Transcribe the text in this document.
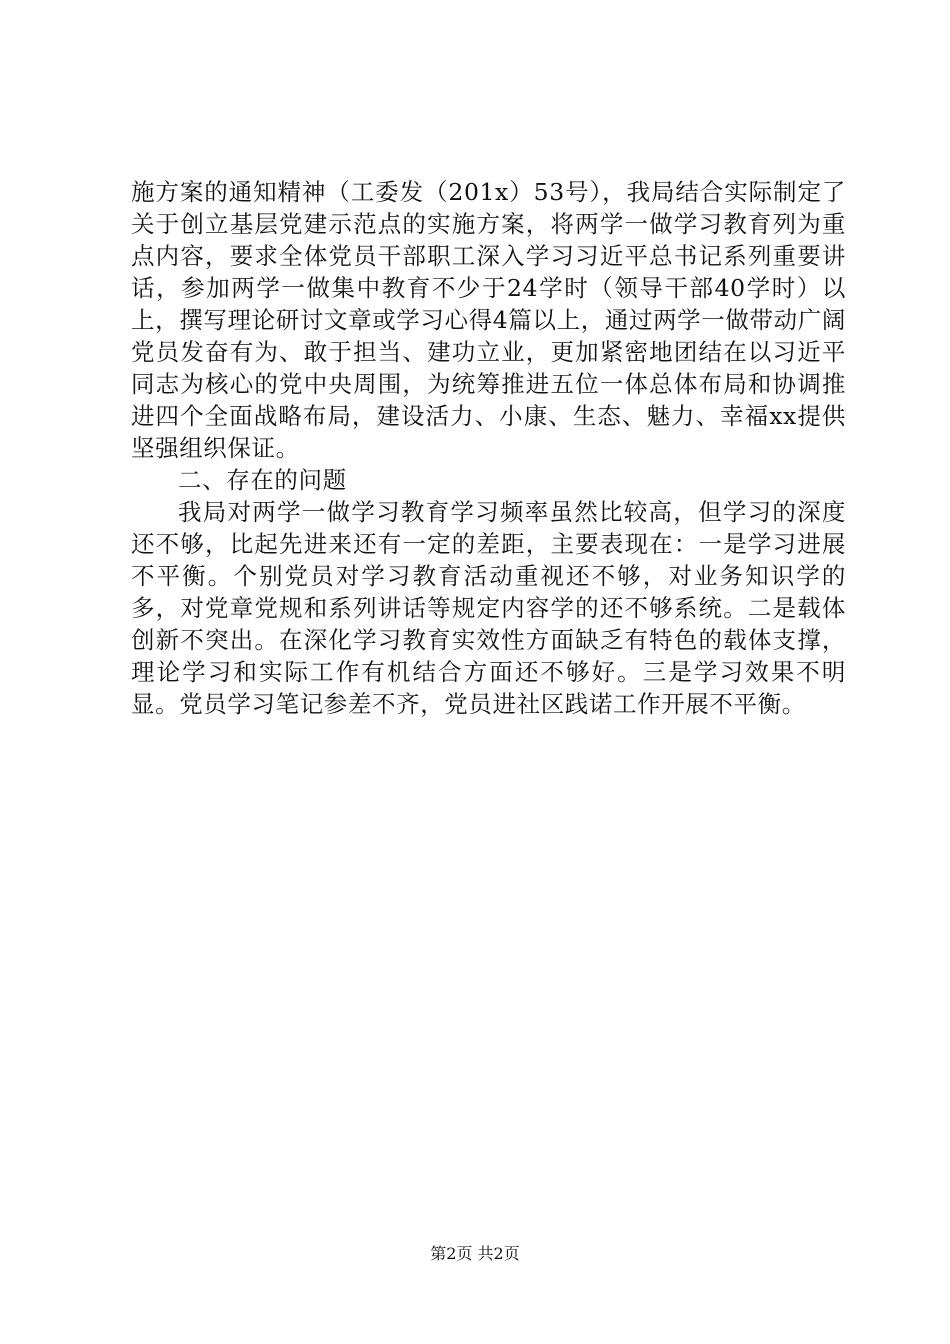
施方案的通知精神（工委发（201x）53号），我局结合实际制定了关于创立基层党建示范点的实施方案，将两学一做学习教育列为重点内容，要求全体党员干部职工深入学习习近平总书记系列重要讲话，参加两学一做集中教育不少于24学时（领导干部40学时）以上，撰写理论研讨文章或学习心得4篇以上，通过两学一做带动广阔党员发奋有为、敢于担当、建功立业，更加紧密地团结在以习近平同志为核心的党中央周围，为统筹推进五位一体总体布局和协调推进四个全面战略布局，建设活力、小康、生态、魅力、幸福xx提供坚强组织保证。

二、存在的问题

我局对两学一做学习教育学习频率虽然比较高，但学习的深度还不够，比起先进来还有一定的差距，主要表现在：一是学习进展不平衡。个别党员对学习教育活动重视还不够，对业务知识学的多，对党章党规和系列讲话等规定内容学的还不够系统。二是载体创新不突出。在深化学习教育实效性方面缺乏有特色的载体支撑，理论学习和实际工作有机结合方面还不够好。三是学习效果不明显。党员学习笔记参差不齐，党员进社区践诺工作开展不平衡。

第2页 共2页
